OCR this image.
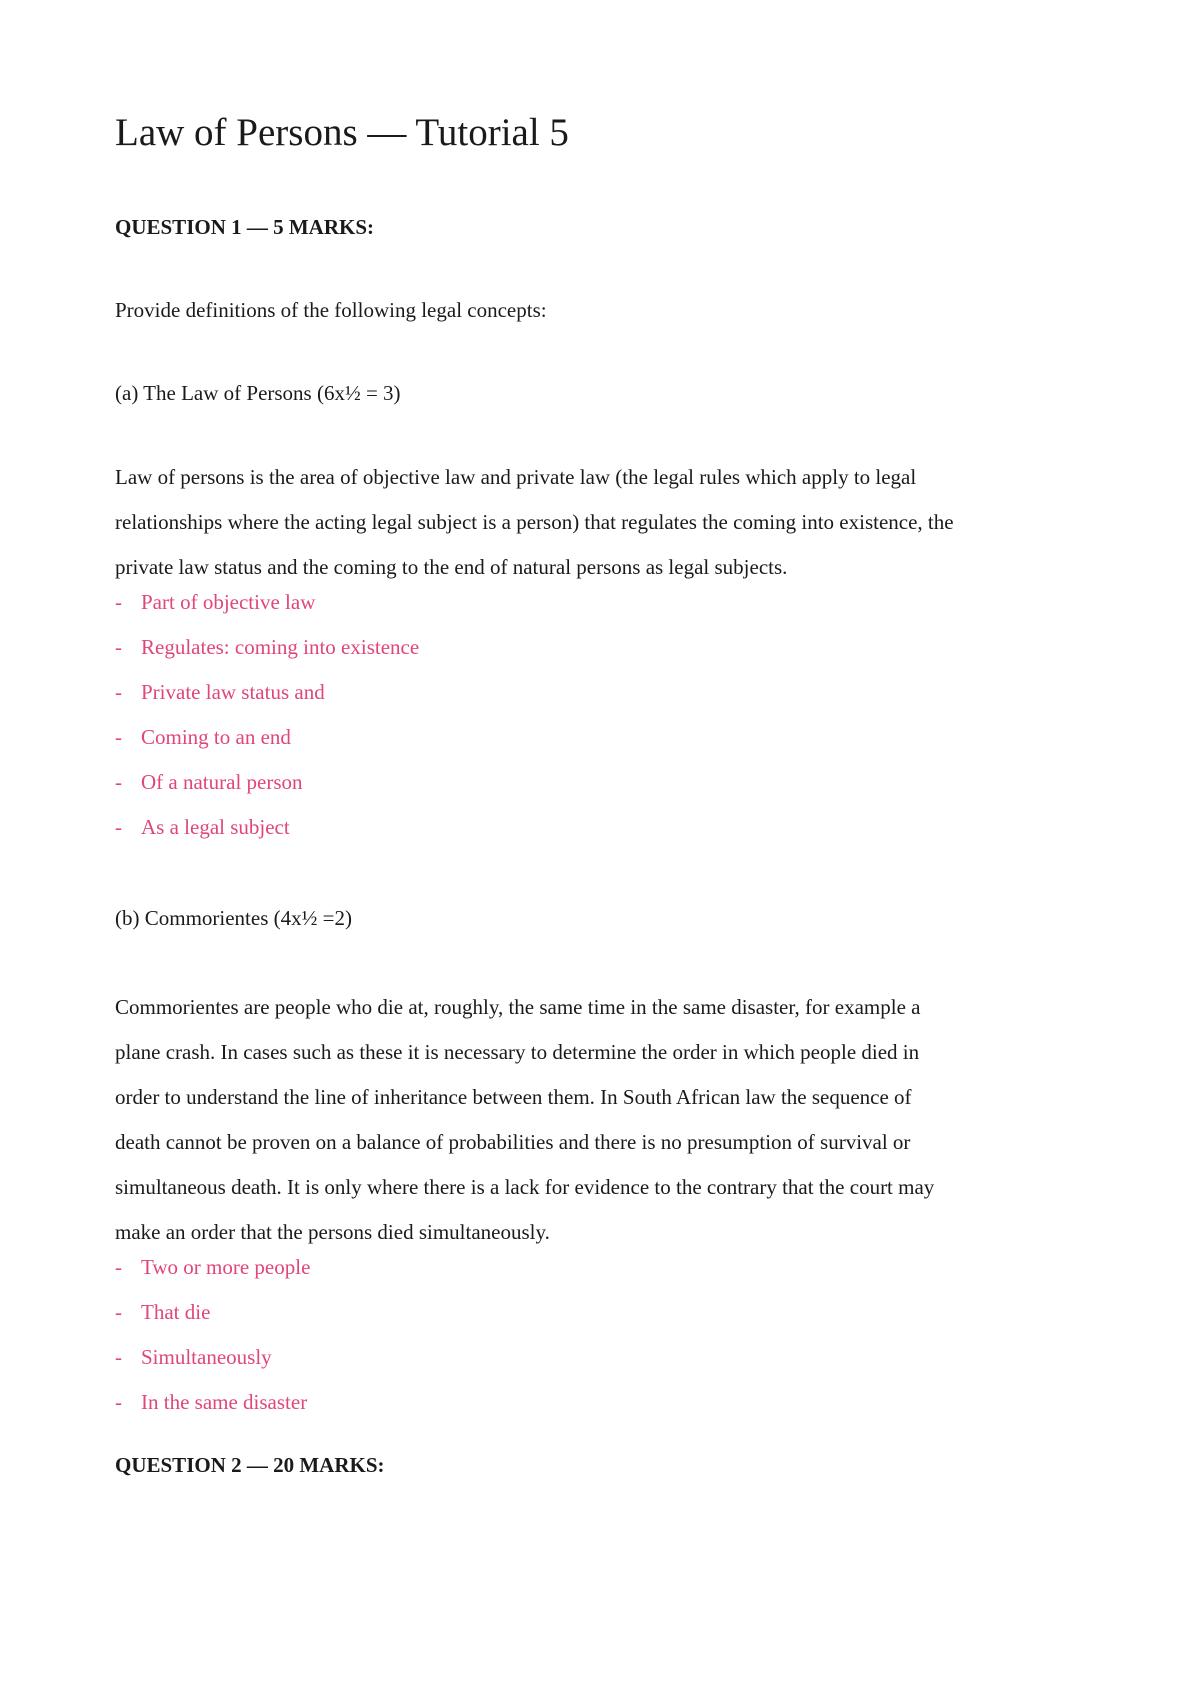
Law of Persons — Tutorial 5

QUESTION 1 — 5 MARKS:

Provide definitions of the following legal concepts:

(a) The Law of Persons (6x½ = 3)

Law of persons is the area of objective law and private law (the legal rules which apply to legal
relationships where the acting legal subject is a person) that regulates the coming into existence, the
private law status and the coming to the end of natural persons as legal subjects.
- Part of objective law
- Regulates: coming into existence
- Private law status and
- Coming to an end
- Of a natural person
- As a legal subject

(b) Commorientes (4x½ =2)

Commorientes are people who die at, roughly, the same time in the same disaster, for example a
plane crash. In cases such as these it is necessary to determine the order in which people died in
order to understand the line of inheritance between them. In South African law the sequence of
death cannot be proven on a balance of probabilities and there is no presumption of survival or
simultaneous death. It is only where there is a lack for evidence to the contrary that the court may
make an order that the persons died simultaneously.
- Two or more people
- That die
- Simultaneously
- In the same disaster

QUESTION 2 — 20 MARKS:
